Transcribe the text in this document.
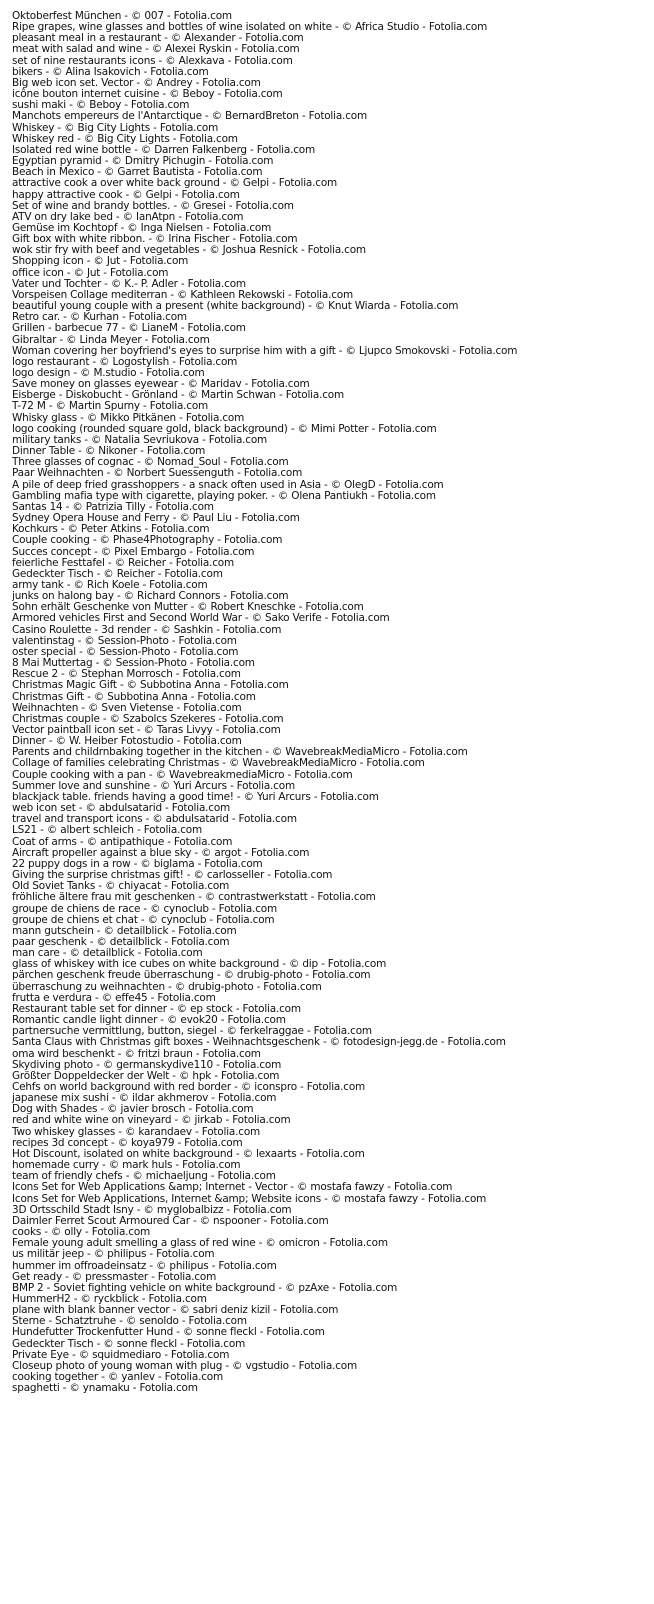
Oktoberfest München - © 007 - Fotolia.com
Ripe grapes, wine glasses and bottles of wine isolated on white - © Africa Studio - Fotolia.com
pleasant meal in a restaurant - © Alexander - Fotolia.com
meat with salad and wine - © Alexei Ryskin - Fotolia.com
set of nine restaurants icons - © Alexkava - Fotolia.com
bikers - © Alina Isakovich - Fotolia.com
Big web icon set. Vector - © Andrey - Fotolia.com
icône bouton internet cuisine - © Beboy - Fotolia.com
sushi maki - © Beboy - Fotolia.com
Manchots empereurs de l'Antarctique - © BernardBreton - Fotolia.com
Whiskey - © Big City Lights - Fotolia.com
Whiskey red - © Big City Lights - Fotolia.com
Isolated red wine bottle - © Darren Falkenberg - Fotolia.com
Egyptian pyramid - © Dmitry Pichugin - Fotolia.com
Beach in Mexico - © Garret Bautista - Fotolia.com
attractive cook a over white back ground - © Gelpi - Fotolia.com
happy attractive cook - © Gelpi - Fotolia.com
Set of wine and brandy bottles. - © Gresei - Fotolia.com
ATV on dry lake bed - © IanAtpn - Fotolia.com
Gemüse im Kochtopf - © Inga Nielsen - Fotolia.com
Gift box with white ribbon. - © Irina Fischer - Fotolia.com
wok stir fry with beef and vegetables - © Joshua Resnick - Fotolia.com
Shopping icon - © Jut - Fotolia.com
office icon - © Jut - Fotolia.com
Vater und Tochter - © K.- P. Adler - Fotolia.com
Vorspeisen Collage mediterran - © Kathleen Rekowski - Fotolia.com
beautiful young couple with a present (white background) - © Knut Wiarda - Fotolia.com
Retro car. - © Kurhan - Fotolia.com
Grillen - barbecue 77 - © LianeM - Fotolia.com
Gibraltar - © Linda Meyer - Fotolia.com
Woman covering her boyfriend's eyes to surprise him with a gift - © Ljupco Smokovski - Fotolia.com
logo restaurant - © Logostylish - Fotolia.com
logo design - © M.studio - Fotolia.com
Save money on glasses eyewear - © Maridav - Fotolia.com
Eisberge - Diskobucht - Grönland - © Martin Schwan - Fotolia.com
T-72 M - © Martin Spurny - Fotolia.com
Whisky glass - © Mikko Pitkänen - Fotolia.com
logo cooking (rounded square gold, black background) - © Mimi Potter - Fotolia.com
military tanks - © Natalia Sevriukova - Fotolia.com
Dinner Table - © Nikoner - Fotolia.com
Three glasses of cognac - © Nomad_Soul - Fotolia.com
Paar Weihnachten - © Norbert Suessenguth - Fotolia.com
A pile of deep fried grasshoppers - a snack often used in Asia - © OlegD - Fotolia.com
Gambling mafia type with cigarette, playing poker. - © Olena Pantiukh - Fotolia.com
Santas 14 - © Patrizia Tilly - Fotolia.com
Sydney Opera House and Ferry - © Paul Liu - Fotolia.com
Kochkurs - © Peter Atkins - Fotolia.com
Couple cooking - © Phase4Photography - Fotolia.com
Succes concept - © Pixel Embargo - Fotolia.com
feierliche Festtafel - © Reicher - Fotolia.com
Gedeckter Tisch - © Reicher - Fotolia.com
army tank - © Rich Koele - Fotolia.com
junks on halong bay - © Richard Connors - Fotolia.com
Sohn erhält Geschenke von Mutter - © Robert Kneschke - Fotolia.com
Armored vehicles First and Second World War - © Sako Verife - Fotolia.com
Casino Roulette - 3d render - © Sashkin - Fotolia.com
valentinstag - © Session-Photo - Fotolia.com
oster special - © Session-Photo - Fotolia.com
8 Mai Muttertag - © Session-Photo - Fotolia.com
Rescue 2 - © Stephan Morrosch - Fotolia.com
Christmas Magic Gift - © Subbotina Anna - Fotolia.com
Christmas Gift - © Subbotina Anna - Fotolia.com
Weihnachten - © Sven Vietense - Fotolia.com
Christmas couple - © Szabolcs Szekeres - Fotolia.com
Vector paintball icon set - © Taras Livyy - Fotolia.com
Dinner - © W. Heiber Fotostudio - Fotolia.com
Parents and childrnbaking together in the kitchen - © WavebreakMediaMicro - Fotolia.com
Collage of families celebrating Christmas - © WavebreakMediaMicro - Fotolia.com
Couple cooking with a pan - © WavebreakmediaMicro - Fotolia.com
Summer love and sunshine - © Yuri Arcurs - Fotolia.com
blackjack table. friends having a good time! - © Yuri Arcurs - Fotolia.com
web icon set - © abdulsatarid - Fotolia.com
travel and transport icons - © abdulsatarid - Fotolia.com
LS21 - © albert schleich - Fotolia.com
Coat of arms - © antipathique - Fotolia.com
Aircraft propeller against a blue sky - © argot - Fotolia.com
22 puppy dogs in a row - © biglama - Fotolia.com
Giving the surprise christmas gift! - © carlosseller - Fotolia.com
Old Soviet Tanks - © chiyacat - Fotolia.com
fröhliche ältere frau mit geschenken - © contrastwerkstatt - Fotolia.com
groupe de chiens de race - © cynoclub - Fotolia.com
groupe de chiens et chat - © cynoclub - Fotolia.com
mann gutschein - © detailblick - Fotolia.com
paar geschenk - © detailblick - Fotolia.com
man care - © detailblick - Fotolia.com
glass of whiskey with ice cubes on white background - © dip - Fotolia.com
pärchen geschenk freude überraschung - © drubig-photo - Fotolia.com
überraschung zu weihnachten - © drubig-photo - Fotolia.com
frutta e verdura - © effe45 - Fotolia.com
Restaurant table set for dinner - © ep stock - Fotolia.com
Romantic candle light dinner - © evok20 - Fotolia.com
partnersuche vermittlung, button, siegel - © ferkelraggae - Fotolia.com
Santa Claus with Christmas gift boxes - Weihnachtsgeschenk - © fotodesign-jegg.de - Fotolia.com
oma wird beschenkt - © fritzi braun - Fotolia.com
Skydiving photo - © germanskydive110 - Fotolia.com
Größter Doppeldecker der Welt - © hpk - Fotolia.com
Cehfs on world background with red border - © iconspro - Fotolia.com
japanese mix sushi - © ildar akhmerov - Fotolia.com
Dog with Shades - © javier brosch - Fotolia.com
red and white wine on vineyard - © jirkab - Fotolia.com
Two whiskey glasses - © karandaev - Fotolia.com
recipes 3d concept - © koya979 - Fotolia.com
Hot Discount, isolated on white background - © lexaarts - Fotolia.com
homemade curry - © mark huls - Fotolia.com
team of friendly chefs - © michaeljung - Fotolia.com
Icons Set for Web Applications &amp; Internet - Vector - © mostafa fawzy - Fotolia.com
Icons Set for Web Applications, Internet &amp; Website icons - © mostafa fawzy - Fotolia.com
3D Ortsschild Stadt Isny - © myglobalbizz - Fotolia.com
Daimler Ferret Scout Armoured Car - © nspooner - Fotolia.com
cooks - © olly - Fotolia.com
Female young adult smelling a glass of red wine - © omicron - Fotolia.com
us militär jeep - © philipus - Fotolia.com
hummer im offroadeinsatz - © philipus - Fotolia.com
Get ready - © pressmaster - Fotolia.com
BMP 2 - Soviet fighting vehicle on white background - © pzAxe - Fotolia.com
HummerH2 - © ryckblick - Fotolia.com
plane with blank banner vector - © sabri deniz kizil - Fotolia.com
Sterne - Schatztruhe - © senoldo - Fotolia.com
Hundefutter Trockenfutter Hund - © sonne fleckl - Fotolia.com
Gedeckter Tisch - © sonne fleckl - Fotolia.com
Private Eye - © squidmediaro - Fotolia.com
Closeup photo of young woman with plug - © vgstudio - Fotolia.com
cooking together - © yanlev - Fotolia.com
spaghetti - © ynamaku - Fotolia.com
